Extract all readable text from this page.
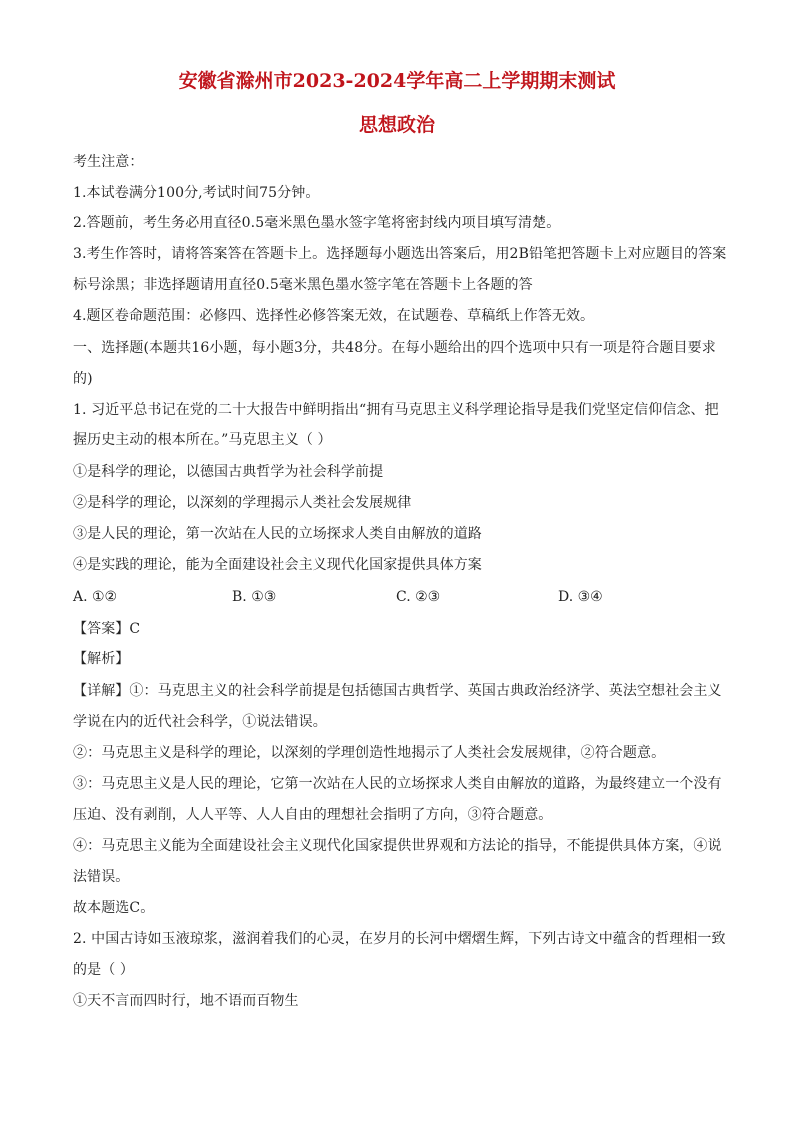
安徽省滁州市2023-2024学年高二上学期期末测试
思想政治
考生注意：
1.本试卷满分100分,考试时间75分钟。
2.答题前，考生务必用直径0.5毫米黑色墨水签字笔将密封线内项目填写清楚。
3.考生作答时，请将答案答在答题卡上。选择题每小题选出答案后，用2B铅笔把答题卡上对应题目的答案
标号涂黑；非选择题请用直径0.5毫米黑色墨水签字笔在答题卡上各题的答
4.题区卷命题范围：必修四、选择性必修答案无效，在试题卷、草稿纸上作答无效。
一、选择题(本题共16小题，每小题3分，共48分。在每小题给出的四个选项中只有一项是符合题目要求
的)
1. 习近平总书记在党的二十大报告中鲜明指出“拥有马克思主义科学理论指导是我们党坚定信仰信念、把
握历史主动的根本所在。”马克思主义（ ）
①是科学的理论，以德国古典哲学为社会科学前提
②是科学的理论，以深刻的学理揭示人类社会发展规律
③是人民的理论，第一次站在人民的立场探求人类自由解放的道路
④是实践的理论，能为全面建设社会主义现代化国家提供具体方案
A. ①②	B. ①③	C. ②③	D. ③④
【答案】C
【解析】
【详解】①：马克思主义的社会科学前提是包括德国古典哲学、英国古典政治经济学、英法空想社会主义
学说在内的近代社会科学，①说法错误。
②：马克思主义是科学的理论，以深刻的学理创造性地揭示了人类社会发展规律，②符合题意。
③：马克思主义是人民的理论，它第一次站在人民的立场探求人类自由解放的道路，为最终建立一个没有
压迫、没有剥削，人人平等、人人自由的理想社会指明了方向，③符合题意。
④：马克思主义能为全面建设社会主义现代化国家提供世界观和方法论的指导，不能提供具体方案，④说
法错误。
故本题选C。
2. 中国古诗如玉液琼浆，滋润着我们的心灵，在岁月的长河中熠熠生辉，下列古诗文中蕴含的哲理相一致
的是（ ）
①天不言而四时行，地不语而百物生
